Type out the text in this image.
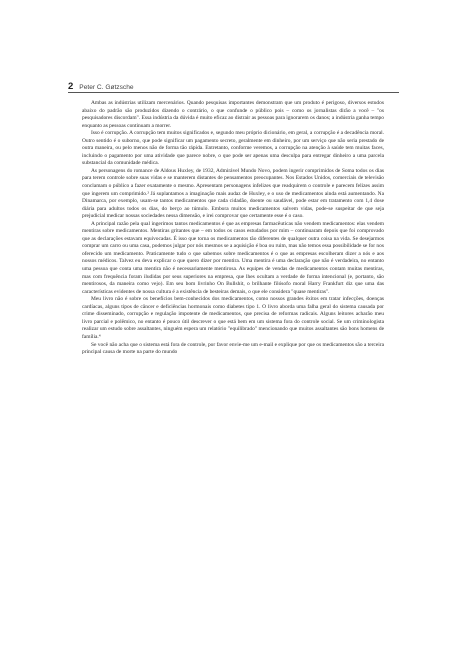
2 Peter C. Gøtzsche

Ambas as indústrias utilizam mercenários. Quando pesquisas importantes demonstram que um produto é perigoso, diversos estudos abaixo do padrão são produzidos dizendo o contrário, o que confunde o público pois – como os jornalistas dirão a você – "os pesquisadores discordam". Essa indústria da dúvida é muito eficaz ao distrair as pessoas para ignorarem os danos; a indústria ganha tempo enquanto as pessoas continuam a morrer.

Isso é corrupção. A corrupção tem muitos significados e, segundo meu próprio dicionário, em geral, a corrupção é a decadência moral. Outro sentido é o suborno, que pode significar um pagamento secreto, geralmente em dinheiro, por um serviço que não seria prestado de outra maneira, ou pelo menos não de forma tão rápida. Entretanto, conforme veremos, a corrupção na atenção à saúde tem muitas faces, incluindo o pagamento por uma atividade que parece nobre, o que pode ser apenas uma desculpa para entregar dinheiro a uma parcela substancial da comunidade médica.

As personagens do romance de Aldous Huxley, de 1932, Admirável Mundo Novo, podem ingerir comprimidos de Soma todos os dias para terem controle sobre suas vidas e se manterem distantes de pensamentos preocupantes. Nos Estados Unidos, comerciais de televisão conclamam o público a fazer exatamente o mesmo. Apresentam personagens infelizes que readquirem o controle e parecem felizes assim que ingerem um comprimido.² Já suplantamos a imaginação mais audaz de Huxley, e o uso de medicamentos ainda está aumentando. Na Dinamarca, por exemplo, usam-se tantos medicamentos que cada cidadão, doente ou saudável, pode estar em tratamento com 1,4 dose diária para adultos todos os dias, do berço ao túmulo. Embora muitos medicamentos salvem vidas, pode-se suspeitar de que seja prejudicial medicar nossas sociedades nessa dimensão, e irei comprovar que certamente esse é o caso.

A principal razão pela qual ingerimos tantos medicamentos é que as empresas farmacêuticas não vendem medicamentos: elas vendem mentiras sobre medicamentos. Mentiras gritantes que – em todos os casos estudados por mim – continuaram depois que foi comprovado que as declarações estavam equivocadas. É isso que torna os medicamentos tão diferentes de qualquer outra coisa na vida. Se desejarmos comprar um carro ou uma casa, podemos julgar por nós mesmos se a aquisição é boa ou ruim, mas não temos essa possibilidade se for nos oferecido um medicamento. Praticamente tudo o que sabemos sobre medicamentos é o que as empresas escolheram dizer a nós e aos nossos médicos. Talvez eu deva explicar o que quero dizer por mentira. Uma mentira é uma declaração que não é verdadeira, no entanto uma pessoa que conta uma mentira não é necessariamente mentirosa. As equipes de vendas de medicamentos contam muitas mentiras, mas com frequência foram iludidas por seus superiores na empresa, que lhes ocultam a verdade de forma intencional (e, portanto, são mentirosos, da maneira como vejo). Em seu bom livrinho On Bullshit, o brilhante filósofo moral Harry Frankfurt diz que uma das características evidentes de nossa cultura é a existência de besteiras demais, o que ele considera "quase mentiras".

Meu livro não é sobre os benefícios bem-conhecidos dos medicamentos, como nossos grandes êxitos em tratar infecções, doenças cardíacas, alguns tipos de câncer e deficiências hormonais como diabetes tipo 1. O livro aborda uma falha geral do sistema causada por crime disseminado, corrupção e regulação impotente de medicamentos, que precisa de reformas radicais. Alguns leitores acharão meu livro parcial e polêmico, no entanto é pouco útil descrever o que está bem em um sistema fora do controle social. Se um criminologista realizar um estudo sobre assaltantes, ninguém espera um relatório "equilibrado" mencionando que muitos assaltantes são bons homens de família.⁴

Se você não acha que o sistema está fora de controle, por favor envie-me um e-mail e explique por que os medicamentos são a terceira principal causa de morte na parte do mundo
